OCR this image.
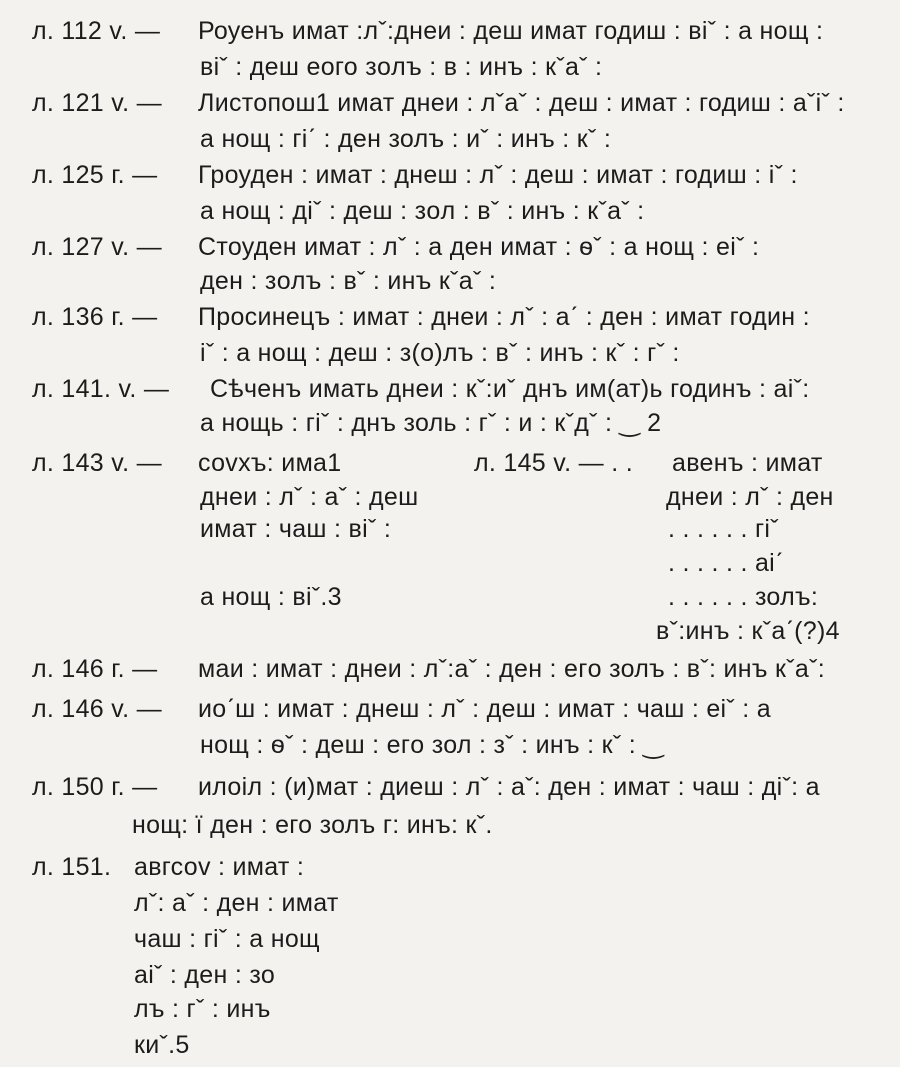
л. 112 v. — Роуенъ имат :лˇ:днеи : деш имат годиш : вiˇ : а нощ :
вiˇ : деш еого зoлъ : в : инъ : кˇаˇ :
л. 121 v. — Листопош1 имат днеи : лˇаˇ : деш : имат : годиш : аˇiˇ :
а нощ : гiˊ : ден золъ : иˇ : инъ : кˇ :
л. 125 г. — Гроуден : имат : днеш : лˇ : деш : имат : годиш : iˇ :
а нощ : дiˇ : деш : зoл : вˇ : инъ : кˇаˇ :
л. 127 v. — Стоуден имат : лˇ : а ден имат : ѳˇ : а нощ : еiˇ :
ден : зoлъ : вˇ : инъ кˇаˇ :
л. 136 г. — Просинецъ : имат : днеи : лˇ : аˊ : ден : имат годин :
iˇ : а нощ : деш : з(о)лъ : вˇ : инъ : кˇ : гˇ :
л. 141. v. — Сѣченъ имать днеи : кˇ:иˇ днъ им(ат)ь годинъ : аiˇ:
а нощь : гiˇ : днъ золь : гˇ : и : кˇдˇ : ‿ 2
л. 143 v. — соvхъ: има1	л. 145 v. — . . авенъ : имат
днеи : лˇ : аˇ : деш	днеи : лˇ : ден
имат : чаш : вiˇ :	. . . . . . гiˇ
. . . . . . аiˊ
а нощ : вiˇ.3	. . . . . . золъ:
вˇ:инъ : кˇаˊ(?)4
л. 146 г. — маи : имат : днеи : лˇ:аˇ : ден : егo золъ : вˇ: инъ кˇаˇ:
л. 146 v. — иоˊш : имат : днеш : лˇ : деш : имат : чаш : еiˇ : а
нощ : ѳˇ : деш : егo зол : зˇ : инъ : кˇ : ‿
л. 150 г. — илоiл : (и)мат : диеш : лˇ : аˇ: ден : имат : чаш : дiˇ: а
нощ: ї ден : его золъ г: инъ: кˇ.
л. 151. авгсоv : имат :
лˇ: аˇ : ден : имат
чаш : гiˇ : а нощ
аiˇ : ден : зо
лъ : гˇ : инъ
киˇ.5
